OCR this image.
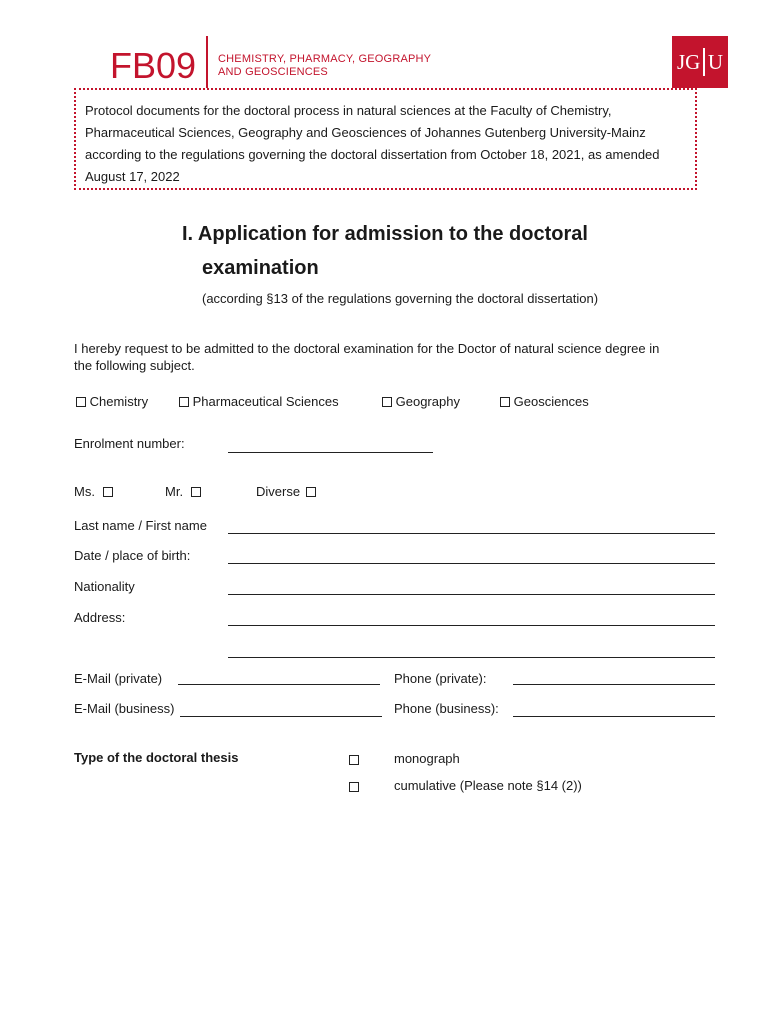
FB09 CHEMISTRY, PHARMACY, GEOGRAPHY
AND GEOSCIENCES	JG U
Protocol documents for the doctoral process in natural sciences at the Faculty of Chemistry, Pharmaceutical Sciences, Geography and Geosciences of Johannes Gutenberg University-Mainz according to the regulations governing the doctoral dissertation from October 18, 2021, as amended August 17, 2022
I. Application for admission to the doctoral
examination
(according §13 of the regulations governing the doctoral dissertation)
I hereby request to be admitted to the doctoral examination for the Doctor of natural science degree in the following subject.
Chemistry	Pharmaceutical Sciences	Geography	Geosciences
Enrolment number:
Ms.	Mr.	Diverse
Last name / First name
Date / place of birth:
Nationality
Address:
E-Mail (private)	Phone (private):
E-Mail (business)	Phone (business):
Type of the doctoral thesis	monograph
cumulative (Please note §14 (2))
